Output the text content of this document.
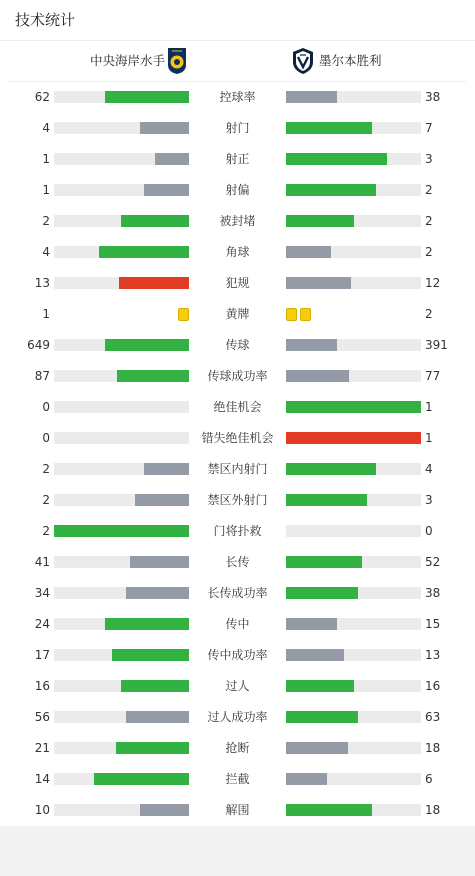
技术统计
中央海岸水手	墨尔本胜利
62	控球率	38
4	射门	7
1	射正	3
1	射偏	2
2	被封堵	2
4	角球	2
13	犯规	12
1	黄牌	2
649	传球	391
87	传球成功率	77
0	绝佳机会	1
0	错失绝佳机会	1
2	禁区内射门	4
2	禁区外射门	3
2	门将扑救	0
41	长传	52
34	长传成功率	38
24	传中	15
17	传中成功率	13
16	过人	16
56	过人成功率	63
21	抢断	18
14	拦截	6
10	解围	18
